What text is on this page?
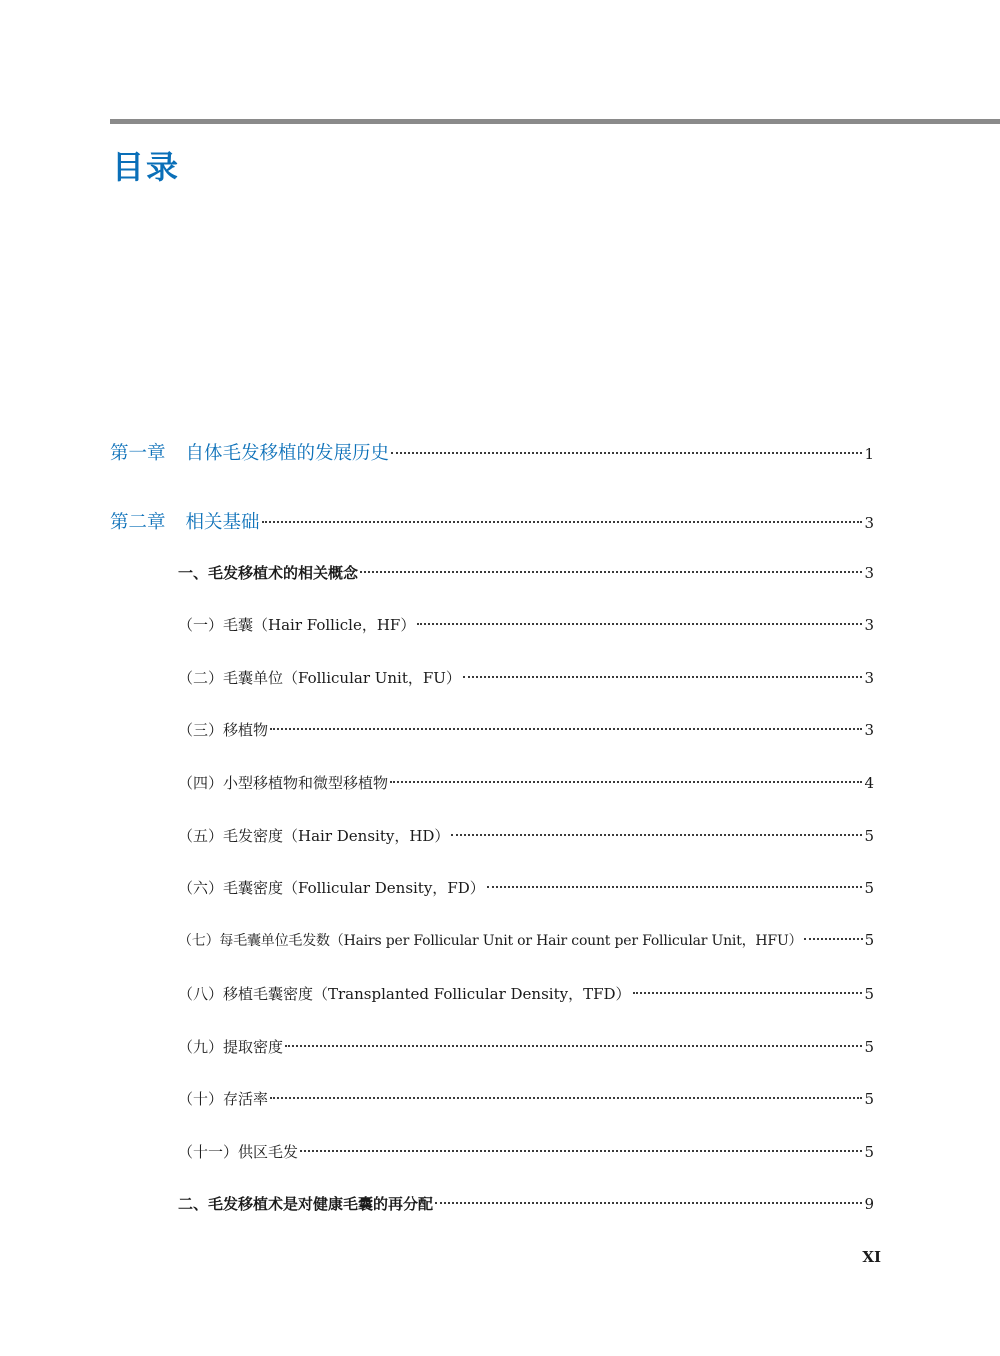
目录
第一章 自体毛发移植的发展历史	1
第二章 相关基础	3
一、毛发移植术的相关概念	3
（一）毛囊（Hair Follicle，HF）	3
（二）毛囊单位（Follicular Unit，FU）	3
（三）移植物	3
（四）小型移植物和微型移植物	4
（五）毛发密度（Hair Density，HD）	5
（六）毛囊密度（Follicular Density，FD）	5
（七）每毛囊单位毛发数（Hairs per Follicular Unit or Hair count per Follicular Unit，HFU）	5
（八）移植毛囊密度（Transplanted Follicular Density，TFD）	5
（九）提取密度	5
（十）存活率	5
（十一）供区毛发	5
二、毛发移植术是对健康毛囊的再分配	9
XI
